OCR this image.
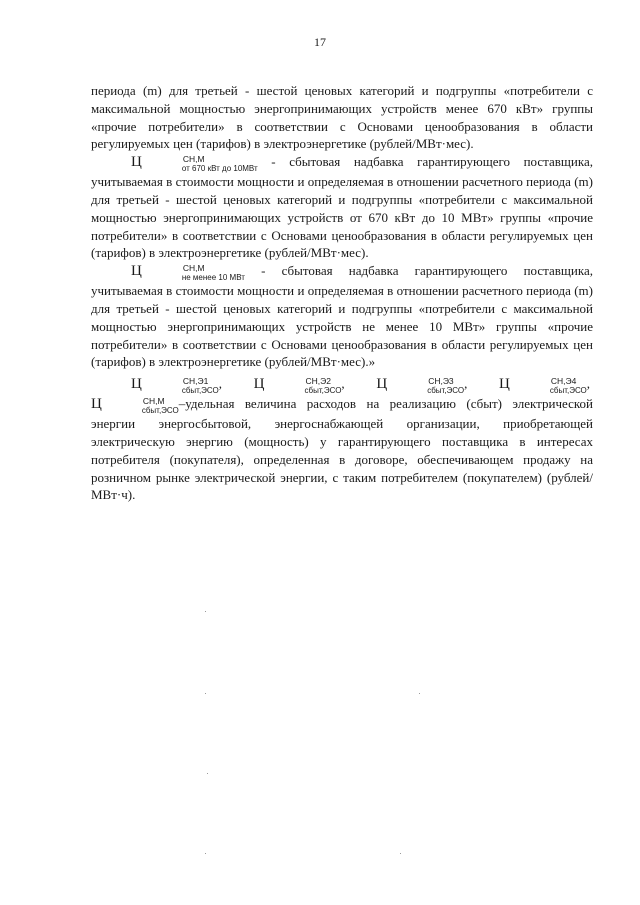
17

периода (m) для третьей - шестой ценовых категорий и подгруппы «потребители с максимальной мощностью энергопринимающих устройств менее 670 кВт» группы «прочие потребители» в соответствии с Основами ценообразования в области регулируемых цен (тарифов) в электроэнергетике (рублей/МВт·мес).

Ц	СН,М
от 670 кВт до 10МВт - сбытовая надбавка гарантирующего поставщика, учитываемая в стоимости мощности и определяемая в отношении расчетного периода (m) для третьей - шестой ценовых категорий и подгруппы «потребители с максимальной мощностью энергопринимающих устройств от 670 кВт до 10 МВт» группы «прочие потребители» в соответствии с Основами ценообразования в области регулируемых цен (тарифов) в электроэнергетике (рублей/МВт·мес).

Ц	СН,М
не менее 10 МВт - сбытовая надбавка гарантирующего поставщика, учитываемая в стоимости мощности и определяемая в отношении расчетного периода (m) для третьей - шестой ценовых категорий и подгруппы «потребители с максимальной мощностью энергопринимающих устройств не менее 10 МВт» группы «прочие потребители» в соответствии с Основами ценообразования в области регулируемых цен (тарифов) в электроэнергетике (рублей/МВт·мес).»

Ц	СН,Э1
сбыт,ЭСО , Ц	СН,Э2
сбыт,ЭСО , Ц	СН,Э3
сбыт,ЭСО , Ц	СН,Э4
сбыт,ЭСО , Ц	СН,М
сбыт,ЭСО –удельная величина расходов на реализацию (сбыт) электрической энергии энергосбытовой, энергоснабжающей организации, приобретающей электрическую энергию (мощность) у гарантирующего поставщика в интересах потребителя (покупателя), определенная в договоре, обеспечивающем продажу на розничном рынке электрической энергии, с таким потребителем (покупателем) (рублей/МВт·ч).
